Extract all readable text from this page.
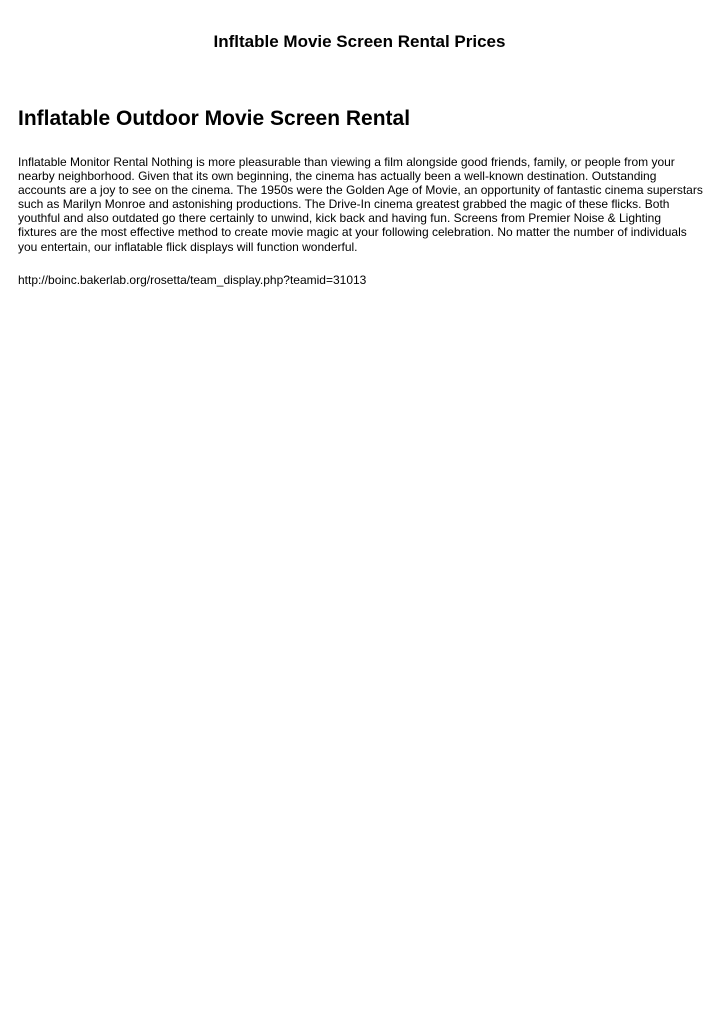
Infltable Movie Screen Rental Prices
Inflatable Outdoor Movie Screen Rental

Inflatable Monitor Rental Nothing is more pleasurable than viewing a film alongside good friends, family, or people from your nearby neighborhood. Given that its own beginning, the cinema has actually been a well-known destination. Outstanding accounts are a joy to see on the cinema. The 1950s were the Golden Age of Movie, an opportunity of fantastic cinema superstars such as Marilyn Monroe and astonishing productions. The Drive-In cinema greatest grabbed the magic of these flicks. Both youthful and also outdated go there certainly to unwind, kick back and having fun. Screens from Premier Noise & Lighting fixtures are the most effective method to create movie magic at your following celebration. No matter the number of individuals you entertain, our inflatable flick displays will function wonderful.

http://boinc.bakerlab.org/rosetta/team_display.php?teamid=31013
